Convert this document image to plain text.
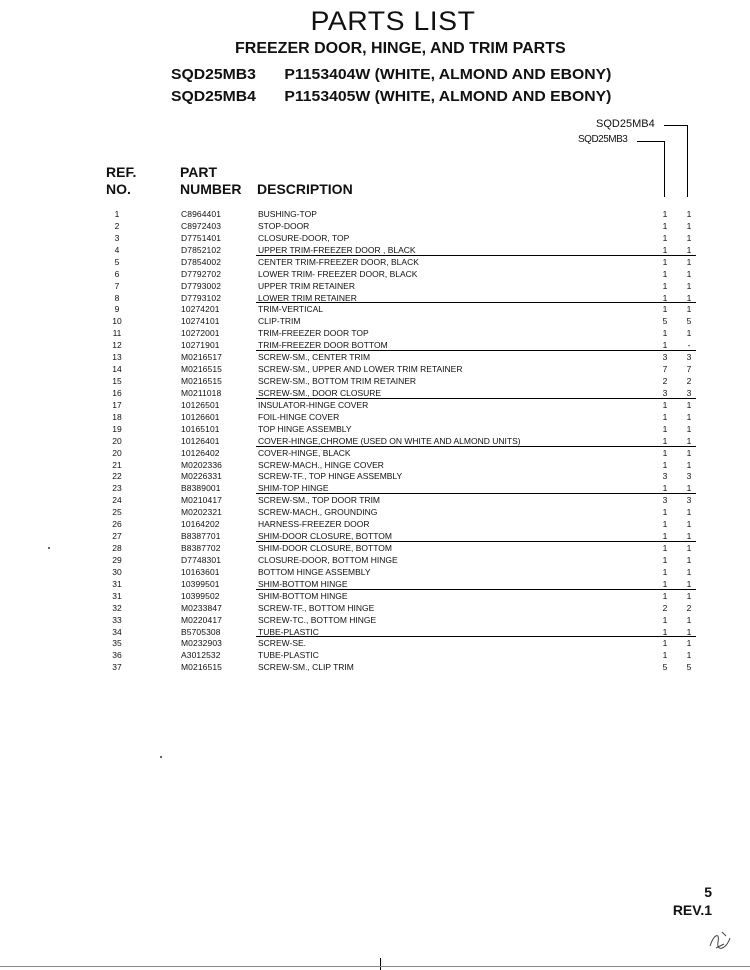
PARTS LIST
FREEZER DOOR, HINGE, AND TRIM PARTS
SQD25MB3 P1153404W (WHITE, ALMOND AND EBONY)
SQD25MB4 P1153405W (WHITE, ALMOND AND EBONY)
SQD25MB4
SQD25MB3
REF.
NO.
PART
NUMBER DESCRIPTION
1	C8964401	BUSHING-TOP	1	1
2	C8972403	STOP-DOOR	1	1
3	D7751401	CLOSURE-DOOR, TOP	1	1
4	D7852102	UPPER TRIM-FREEZER DOOR , BLACK	1	1
5	D7854002	CENTER TRIM-FREEZER DOOR, BLACK	1	1
6	D7792702	LOWER TRIM- FREEZER DOOR, BLACK	1	1
7	D7793002	UPPER TRIM RETAINER	1	1
8	D7793102	LOWER TRIM RETAINER	1	1
9	10274201	TRIM-VERTICAL	1	1
10	10274101	CLIP-TRIM	5	5
11	10272001	TRIM-FREEZER DOOR TOP	1	1
12	10271901	TRIM-FREEZER DOOR BOTTOM	1	-
13	M0216517	SCREW-SM., CENTER TRIM	3	3
14	M0216515	SCREW-SM., UPPER AND LOWER TRIM RETAINER	7	7
15	M0216515	SCREW-SM., BOTTOM TRIM RETAINER	2	2
16	M0211018	SCREW-SM., DOOR CLOSURE	3	3
17	10126501	INSULATOR-HINGE COVER	1	1
18	10126601	FOIL-HINGE COVER	1	1
19	10165101	TOP HINGE ASSEMBLY	1	1
20	10126401	COVER-HINGE,CHROME (USED ON WHITE AND ALMOND UNITS)	1	1
20	10126402	COVER-HINGE, BLACK	1	1
21	M0202336	SCREW-MACH., HINGE COVER	1	1
22	M0226331	SCREW-TF., TOP HINGE ASSEMBLY	3	3
23	B8389001	SHIM-TOP HINGE	1	1
24	M0210417	SCREW-SM., TOP DOOR TRIM	3	3
25	M0202321	SCREW-MACH., GROUNDING	1	1
26	10164202	HARNESS-FREEZER DOOR	1	1
27	B8387701	SHIM-DOOR CLOSURE, BOTTOM	1	1
28	B8387702	SHIM-DOOR CLOSURE, BOTTOM	1	1
29	D7748301	CLOSURE-DOOR, BOTTOM HINGE	1	1
30	10163601	BOTTOM HINGE ASSEMBLY	1	1
31	10399501	SHIM-BOTTOM HINGE	1	1
31	10399502	SHIM-BOTTOM HINGE	1	1
32	M0233847	SCREW-TF., BOTTOM HINGE	2	2
33	M0220417	SCREW-TC., BOTTOM HINGE	1	1
34	B5705308	TUBE-PLASTIC	1	1
35	M0232903	SCREW-SE.	1	1
36	A3012532	TUBE-PLASTIC	1	1
37	M0216515	SCREW-SM., CLIP TRIM	5	5
5
REV.1
